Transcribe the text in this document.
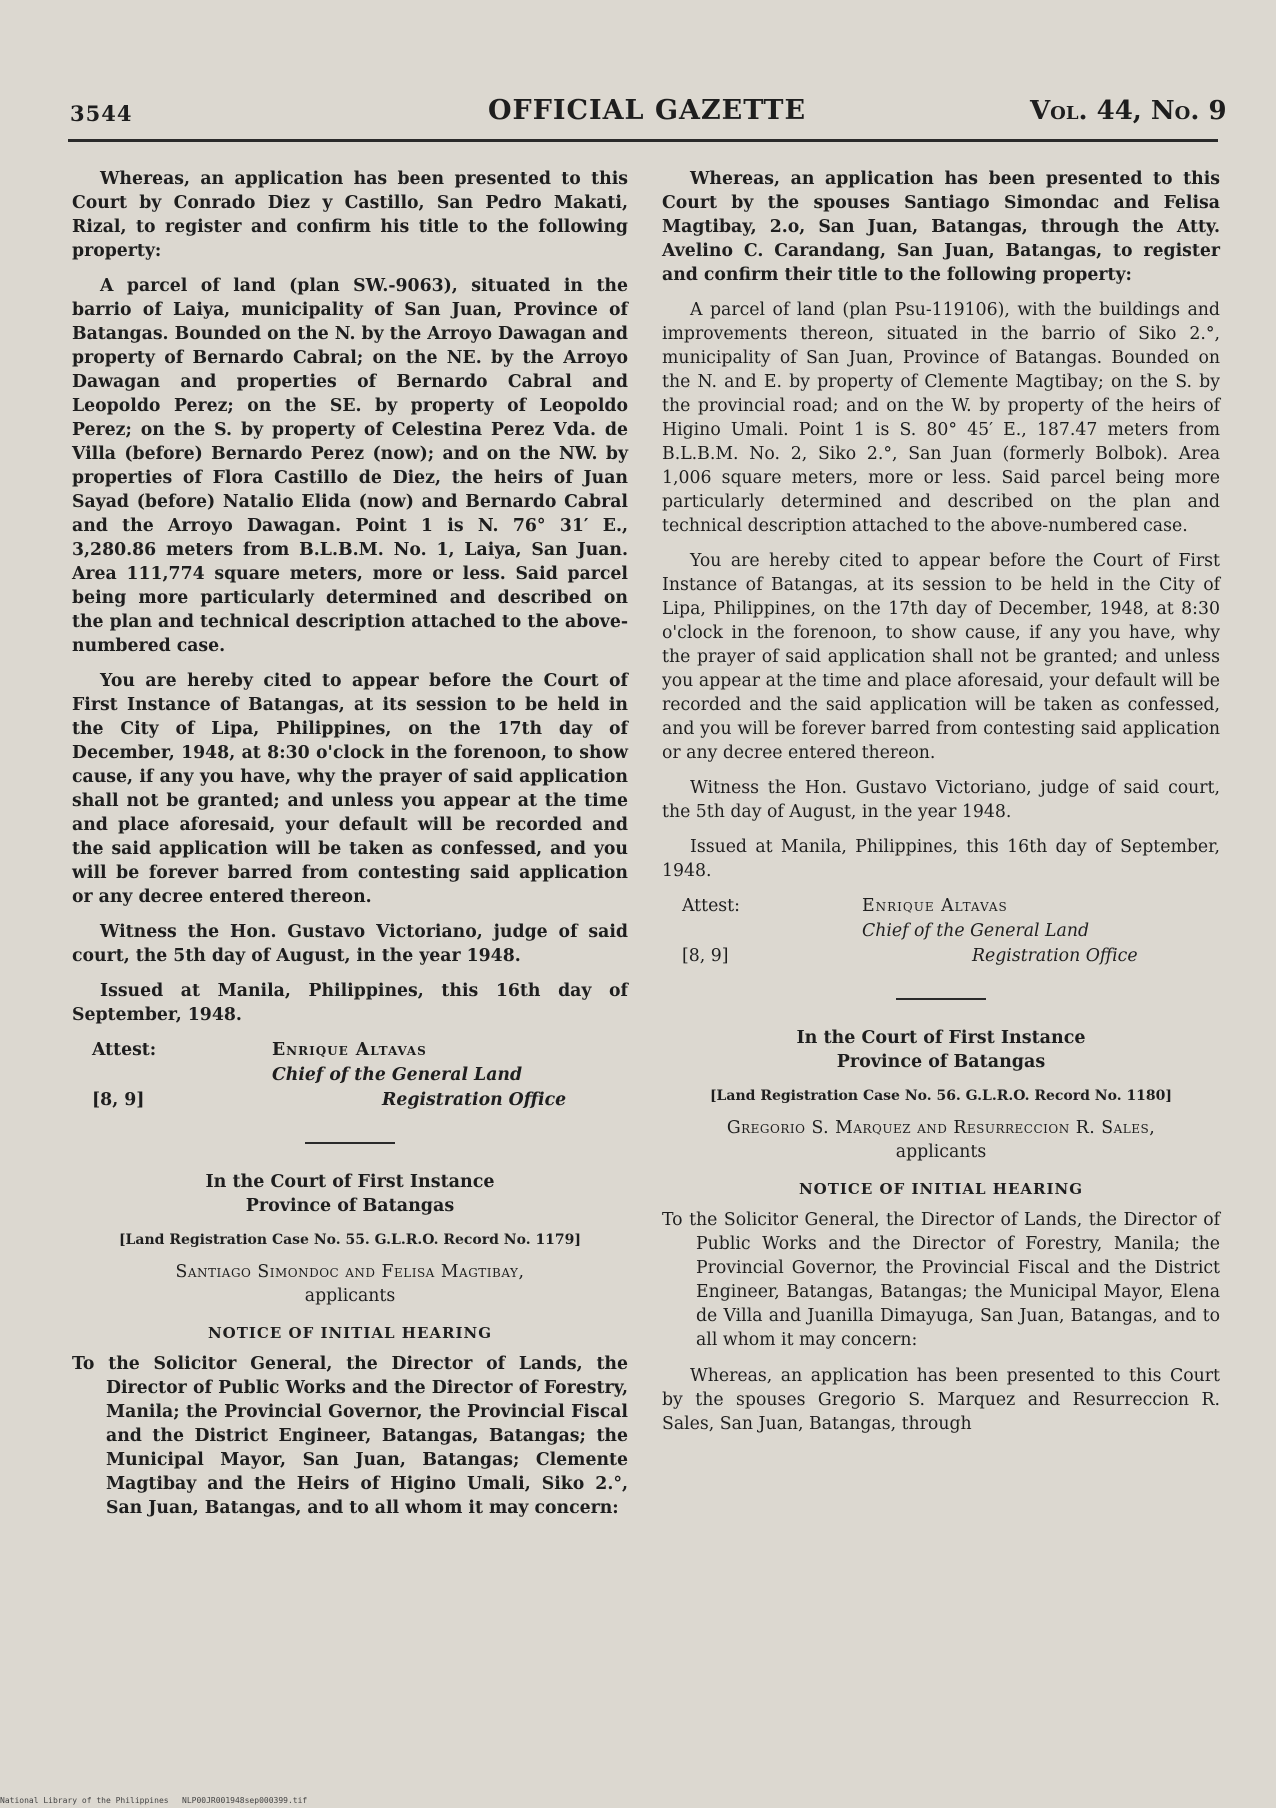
3544	OFFICIAL GAZETTE	Vol. 44, No. 9

Whereas, an application has been presented to this Court by Conrado Diez y Castillo, San Pedro Makati, Rizal, to register and confirm his title to the following property:

A parcel of land (plan SW.-9063), situated in the barrio of Laiya, municipality of San Juan, Province of Batangas. Bounded on the N. by the Arroyo Dawagan and property of Bernardo Cabral; on the NE. by the Arroyo Dawagan and properties of Bernardo Cabral and Leopoldo Perez; on the SE. by property of Leopoldo Perez; on the S. by property of Celestina Perez Vda. de Villa (before) Bernardo Perez (now); and on the NW. by properties of Flora Castillo de Diez, the heirs of Juan Sayad (before) Natalio Elida (now) and Bernardo Cabral and the Arroyo Dawagan. Point 1 is N. 76° 31′ E., 3,280.86 meters from B.L.B.M. No. 1, Laiya, San Juan. Area 111,774 square meters, more or less. Said parcel being more particularly determined and described on the plan and technical description attached to the above-numbered case.

You are hereby cited to appear before the Court of First Instance of Batangas, at its session to be held in the City of Lipa, Philippines, on the 17th day of December, 1948, at 8:30 o'clock in the forenoon, to show cause, if any you have, why the prayer of said application shall not be granted; and unless you appear at the time and place aforesaid, your default will be recorded and the said application will be taken as confessed, and you will be forever barred from contesting said application or any decree entered thereon.

Witness the Hon. Gustavo Victoriano, judge of said court, the 5th day of August, in the year 1948.

Issued at Manila, Philippines, this 16th day of September, 1948.

Attest:	Enrique Altavas
Chief of the General Land
[8, 9]	Registration Office

In the Court of First Instance

Province of Batangas

[Land Registration Case No. 55. G.L.R.O. Record No. 1179]

Santiago Simondoc and Felisa Magtibay,

applicants

NOTICE OF INITIAL HEARING

To the Solicitor General, the Director of Lands, the Director of Public Works and the Director of Forestry, Manila; the Provincial Governor, the Provincial Fiscal and the District Engineer, Batangas, Batangas; the Municipal Mayor, San Juan, Batangas; Clemente Magtibay and the Heirs of Higino Umali, Siko 2.°, San Juan, Batangas, and to all whom it may concern:

Whereas, an application has been presented to this Court by the spouses Santiago Simondac and Felisa Magtibay, 2.o, San Juan, Batangas, through the Atty. Avelino C. Carandang, San Juan, Batangas, to register and confirm their title to the following property:

A parcel of land (plan Psu-119106), with the buildings and improvements thereon, situated in the barrio of Siko 2.°, municipality of San Juan, Province of Batangas. Bounded on the N. and E. by property of Clemente Magtibay; on the S. by the provincial road; and on the W. by property of the heirs of Higino Umali. Point 1 is S. 80° 45′ E., 187.47 meters from B.L.B.M. No. 2, Siko 2.°, San Juan (formerly Bolbok). Area 1,006 square meters, more or less. Said parcel being more particularly determined and described on the plan and technical description attached to the above-numbered case.

You are hereby cited to appear before the Court of First Instance of Batangas, at its session to be held in the City of Lipa, Philippines, on the 17th day of December, 1948, at 8:30 o'clock in the forenoon, to show cause, if any you have, why the prayer of said application shall not be granted; and unless you appear at the time and place aforesaid, your default will be recorded and the said application will be taken as confessed, and you will be forever barred from contesting said application or any decree entered thereon.

Witness the Hon. Gustavo Victoriano, judge of said court, the 5th day of August, in the year 1948.

Issued at Manila, Philippines, this 16th day of September, 1948.

Attest:	Enrique Altavas
Chief of the General Land
[8, 9]	Registration Office

In the Court of First Instance

Province of Batangas

[Land Registration Case No. 56. G.L.R.O. Record No. 1180]

Gregorio S. Marquez and Resurreccion R. Sales,

applicants

NOTICE OF INITIAL HEARING

To the Solicitor General, the Director of Lands, the Director of Public Works and the Director of Forestry, Manila; the Provincial Governor, the Provincial Fiscal and the District Engineer, Batangas, Batangas; the Municipal Mayor, Elena de Villa and Juanilla Dimayuga, San Juan, Batangas, and to all whom it may concern:

Whereas, an application has been presented to this Court by the spouses Gregorio S. Marquez and Resurreccion R. Sales, San Juan, Batangas, through

National Library of the Philippines NLP00JR001948sep000399.tif
